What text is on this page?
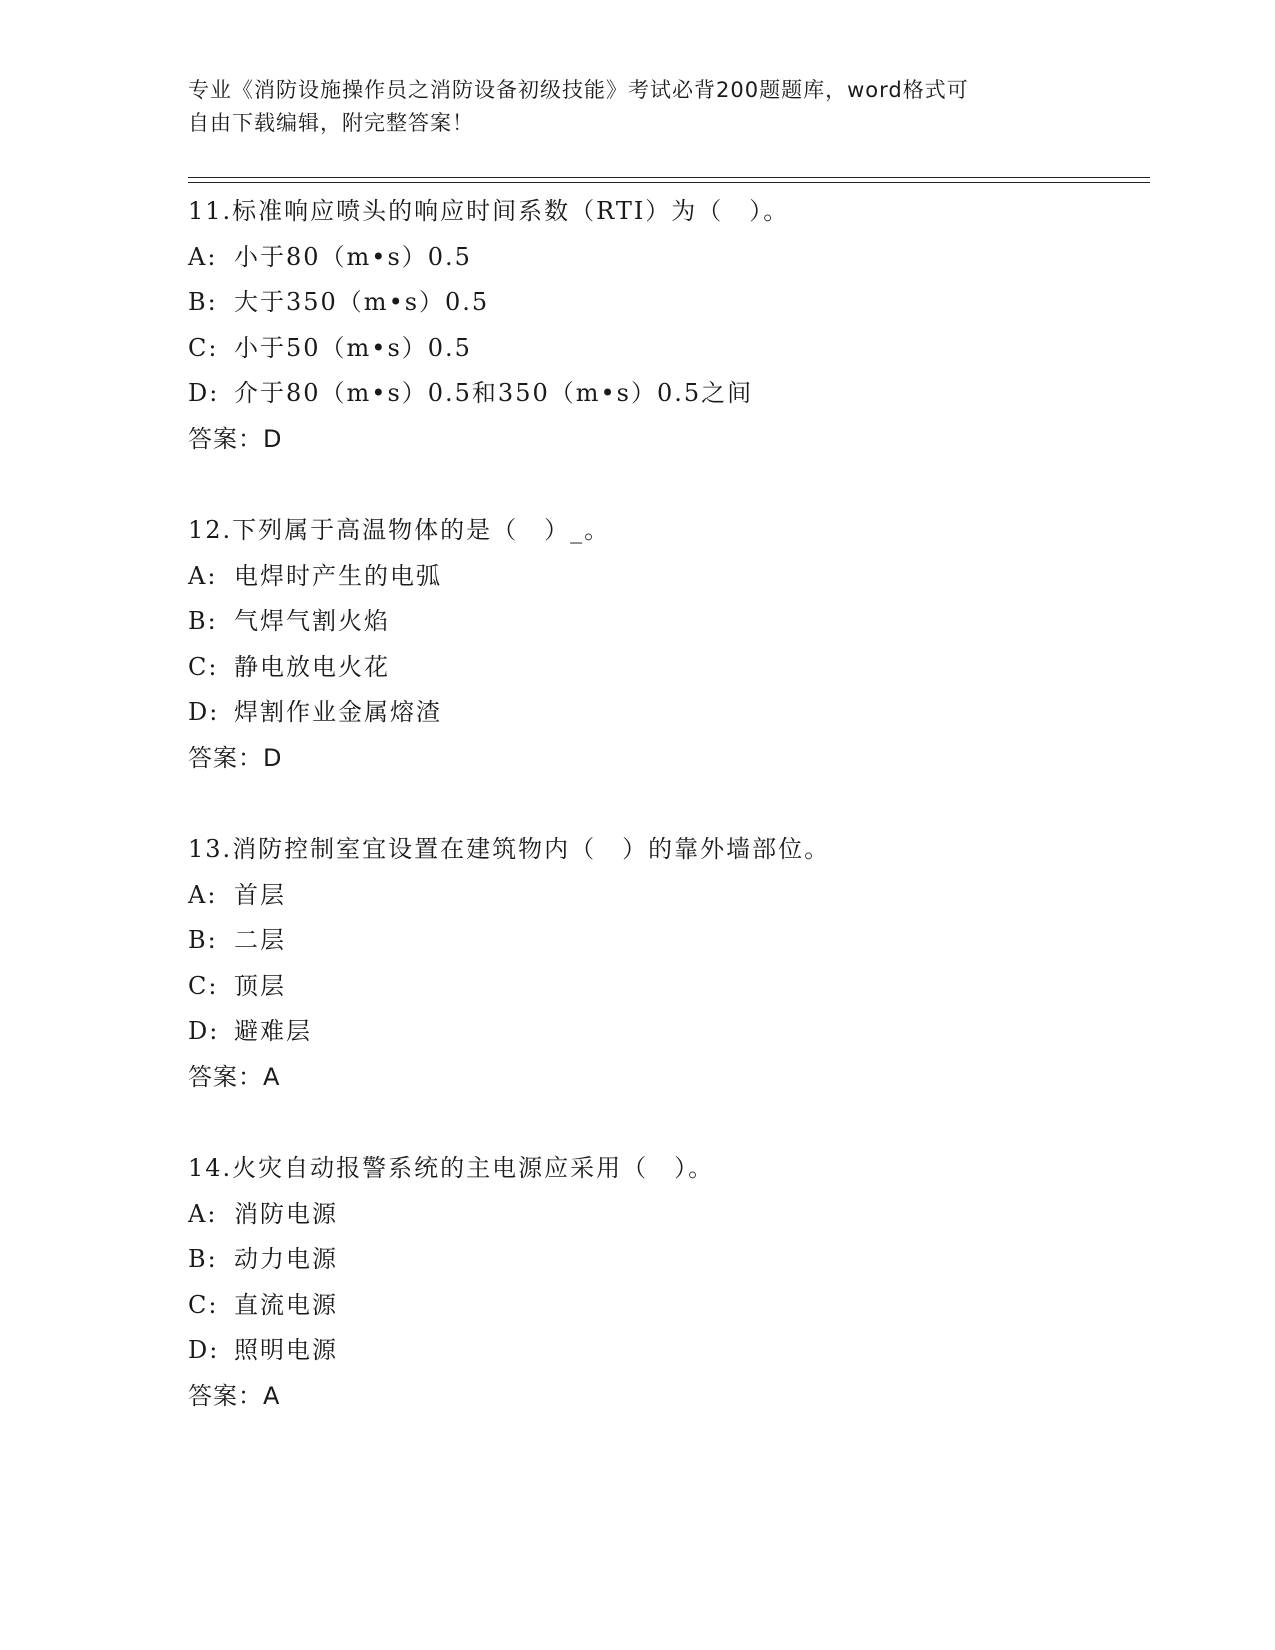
专业《消防设施操作员之消防设备初级技能》考试必背200题题库，word格式可
自由下载编辑，附完整答案！
11.标准响应喷头的响应时间系数（RTI）为（　）。
A: 小于80（m•s）0.5
B: 大于350（m•s）0.5
C: 小于50（m•s）0.5
D: 介于80（m•s）0.5和350（m•s）0.5之间
答案：D
12.下列属于高温物体的是（　）_。
A: 电焊时产生的电弧
B: 气焊气割火焰
C: 静电放电火花
D: 焊割作业金属熔渣
答案：D
13.消防控制室宜设置在建筑物内（　）的靠外墙部位。
A: 首层
B: 二层
C: 顶层
D: 避难层
答案：A
14.火灾自动报警系统的主电源应采用（　）。
A: 消防电源
B: 动力电源
C: 直流电源
D: 照明电源
答案：A
